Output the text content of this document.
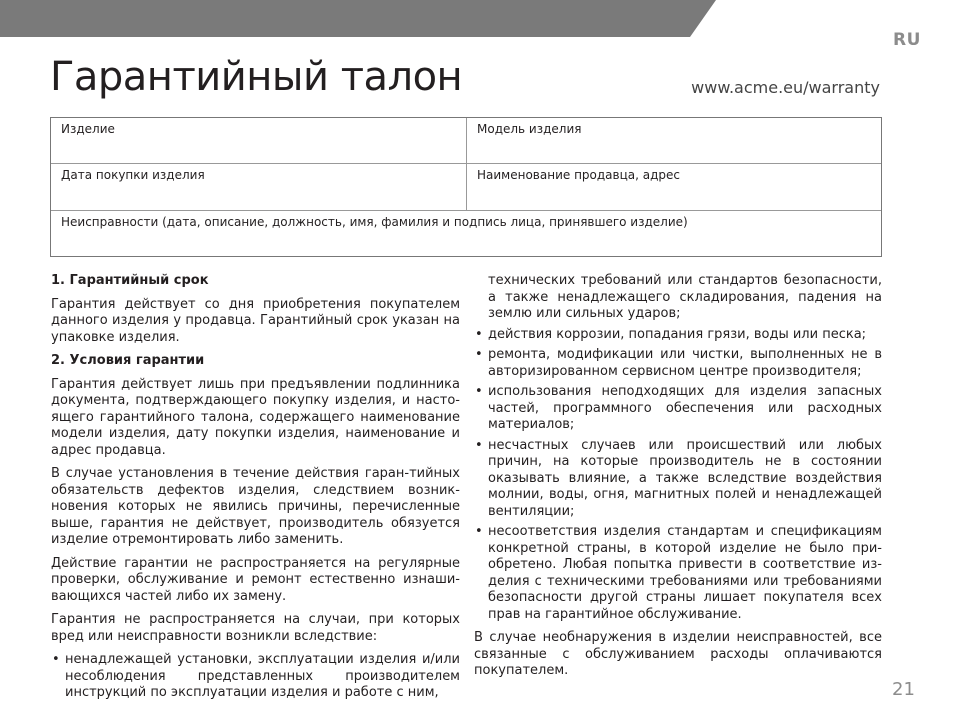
RU
Гарантийный талон	www.acme.eu/warranty
Изделие	Модель изделия
Дата покупки изделия	Наименование продавца, адрес
Неисправности (дата, описание, должность, имя, фамилия и подпись лица, принявшего изделие)
1. Гарантийный срок

Гарантия действует со дня приобретения покупателем данного изделия у продавца. Гарантийный срок указан на упаковке изделия.

2. Условия гарантии

Гарантия действует лишь при предъявлении подлинника документа, подтверждающего покупку изделия, и настоящего гарантийного талона, содержащего наименование модели изделия, дату покупки изделия, наименование и адрес продавца.

В случае установления в течение действия гаран-тийных обязательств дефектов изделия, следствием возникновения которых не явились причины, перечисленные выше, гарантия не действует, производитель обязуется изделие отремонтировать либо заменить.

Действие гарантии не распространяется на регулярные проверки, обслуживание и ремонт естественно изнашивающихся частей либо их замену.

Гарантия не распространяется на случаи, при которых вред или неисправности возникли вследствие:

• ненадлежащей установки, эксплуатации изделия и/или несоблюдения представленных производителем инструкций по эксплуатации изделия и работе с ним,
технических требований или стандартов безопасности, а также ненадлежащего складирования, падения на землю или сильных ударов;
• действия коррозии, попадания грязи, воды или песка;
• ремонта, модификации или чистки, выполненных не в авторизированном сервисном центре производителя;
• использования неподходящих для изделия запасных частей, программного обеспечения или расходных материалов;
• несчастных случаев или происшествий или любых причин, на которые производитель не в состоянии оказывать влияние, а также вследствие воздействия молнии, воды, огня, магнитных полей и ненадлежащей вентиляции;
• несоответствия изделия стандартам и спецификациям конкретной страны, в которой изделие не было приобретено. Любая попытка привести в соответствие изделия с техническими требованиями или требованиями безопасности другой страны лишает покупателя всех прав на гарантийное обслуживание.

В случае необнаружения в изделии неисправностей, все связанные с обслуживанием расходы оплачиваются покупателем.

21
